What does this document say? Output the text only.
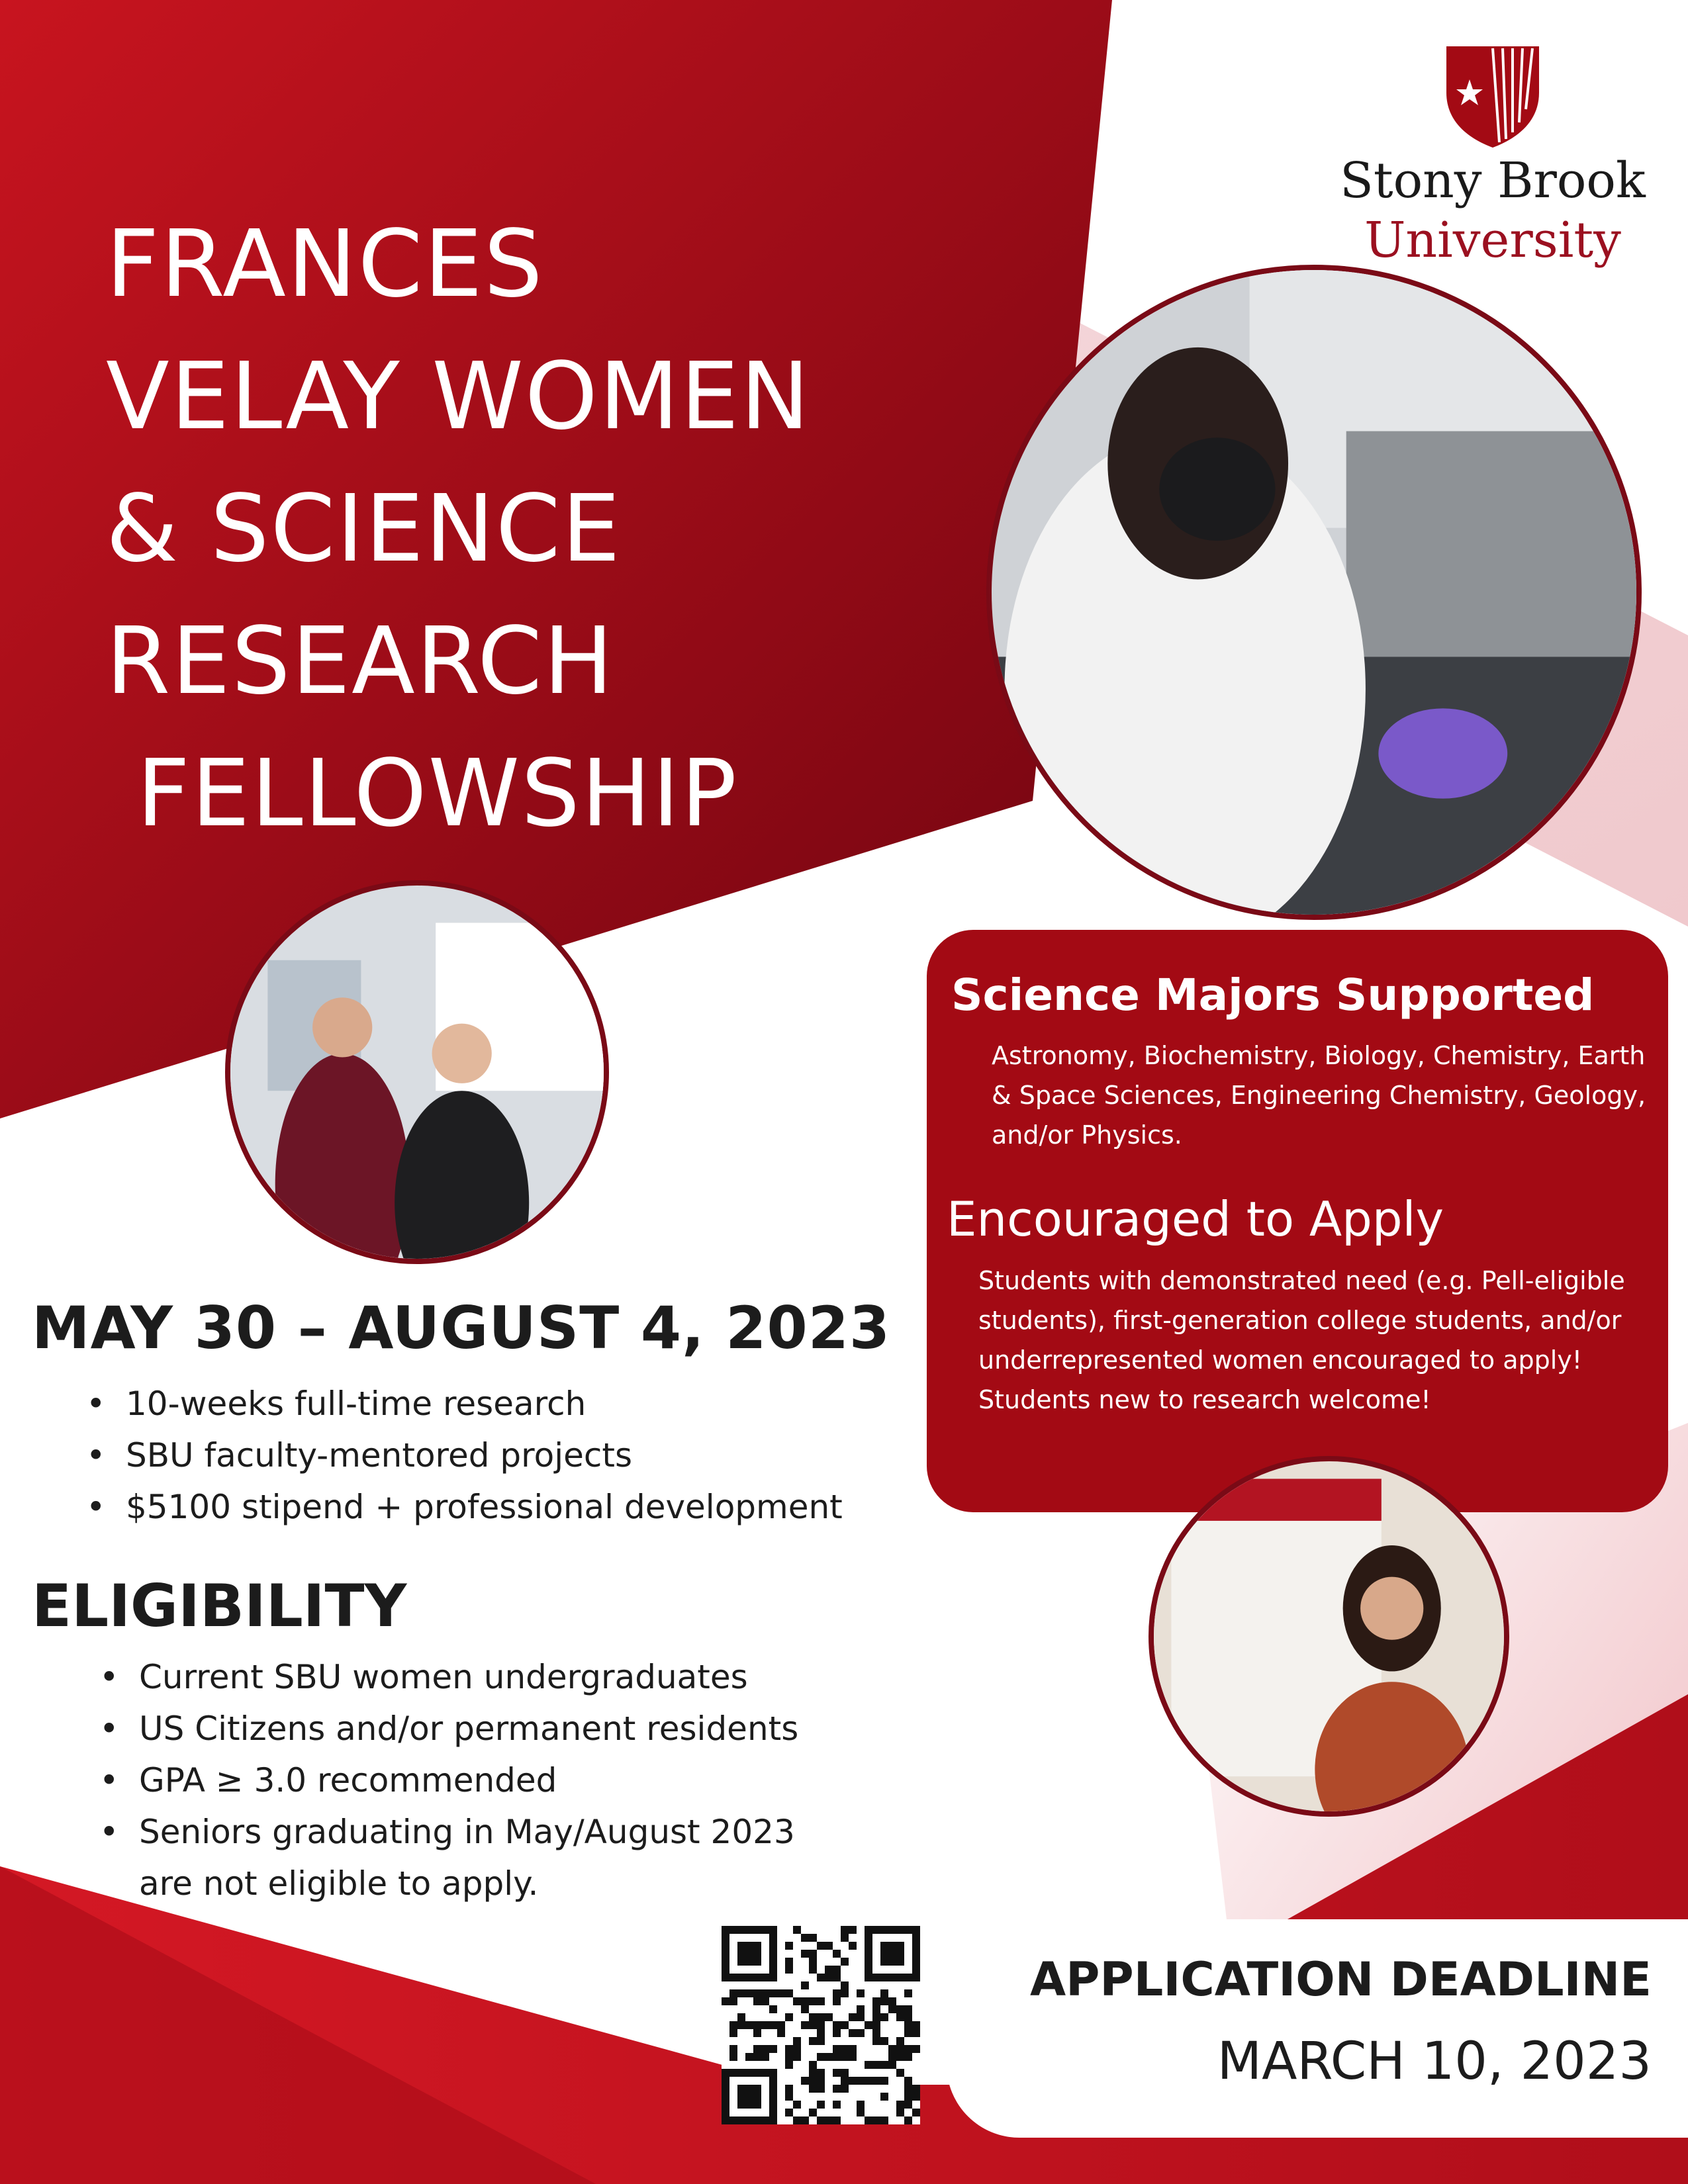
FRANCES
VELAY WOMEN
& SCIENCE
RESEARCH
FELLOWSHIP
Stony Brook
University
Science Majors Supported
Astronomy, Biochemistry, Biology, Chemistry, Earth
& Space Sciences, Engineering Chemistry, Geology,
and/or Physics.
Encouraged to Apply
Students with demonstrated need (e.g. Pell-eligible
students), first-generation college students, and/or
underrepresented women encouraged to apply!
Students new to research welcome!
MAY 30 – AUGUST 4, 2023
• 10-weeks full-time research
• SBU faculty-mentored projects
• $5100 stipend + professional development
ELIGIBILITY
• Current SBU women undergraduates
• US Citizens and/or permanent residents
• GPA ≥ 3.0 recommended
• Seniors graduating in May/August 2023
are not eligible to apply.
APPLICATION DEADLINE
MARCH 10, 2023
